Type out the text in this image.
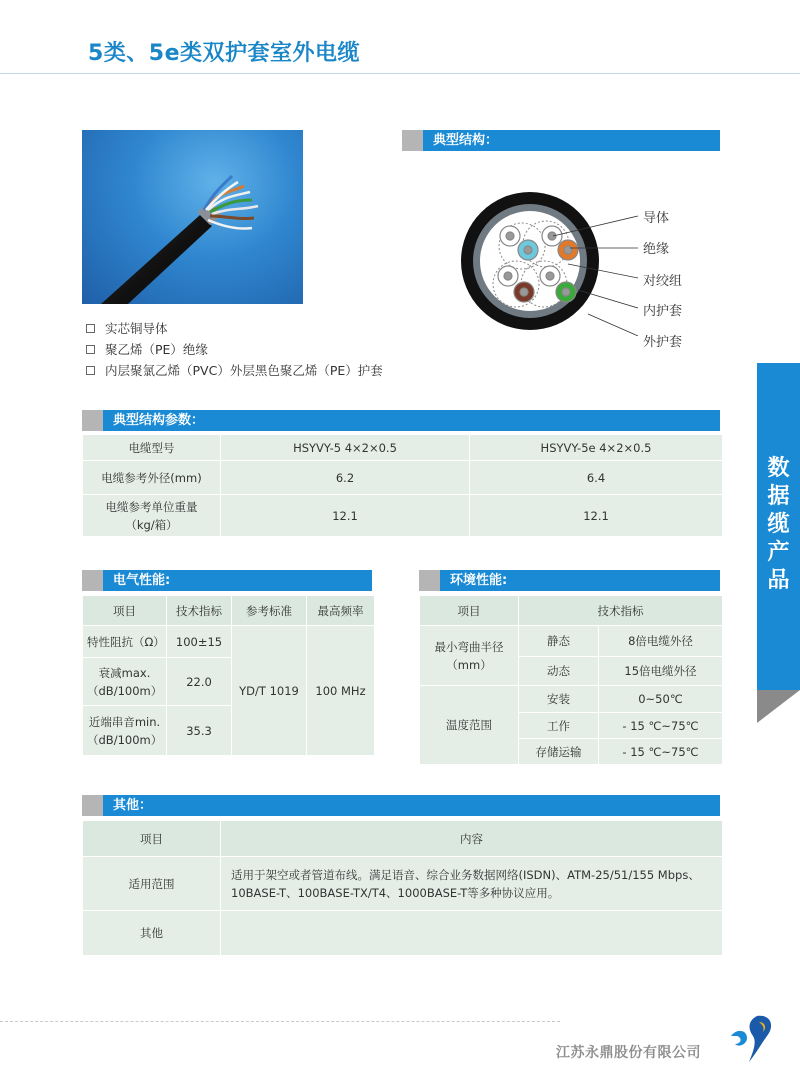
5类、5e类双护套室外电缆
实芯铜导体
聚乙烯（PE）绝缘
内层聚氯乙烯（PVC）外层黑色聚乙烯（PE）护套
典型结构：
导体
绝缘
对绞组
内护套
外护套
典型结构参数：
电缆型号	HSYVY-5 4×2×0.5	HSYVY-5e 4×2×0.5
电缆参考外径(mm)	6.2	6.4

电缆参考单位重量
（kg/箱）	12.1	12.1
电气性能:
项目	技术指标	参考标准	最高频率
特性阻抗（Ω）	100±15	YD/T 1019	100 MHz

衰减max.
（dB/100m）	22.0		

近端串音min.
（dB/100m）	35.3		
环境性能:
项目	技术指标	

最小弯曲半径
（mm）	静态	8倍电缆外径
	动态	15倍电缆外径
温度范围	安装	0~50℃
	工作	- 15 ℃~75℃
	存储运输	- 15 ℃~75℃
其他：
项目	内容
适用范围	适用于架空或者管道布线。满足语音、综合业务数据网络(ISDN)、ATM-25/51/155 Mbps、
10BASE-T、100BASE-TX/T4、1000BASE-T等多种协议应用。

其他	
数
据
缆
产
品
江苏永鼎股份有限公司
